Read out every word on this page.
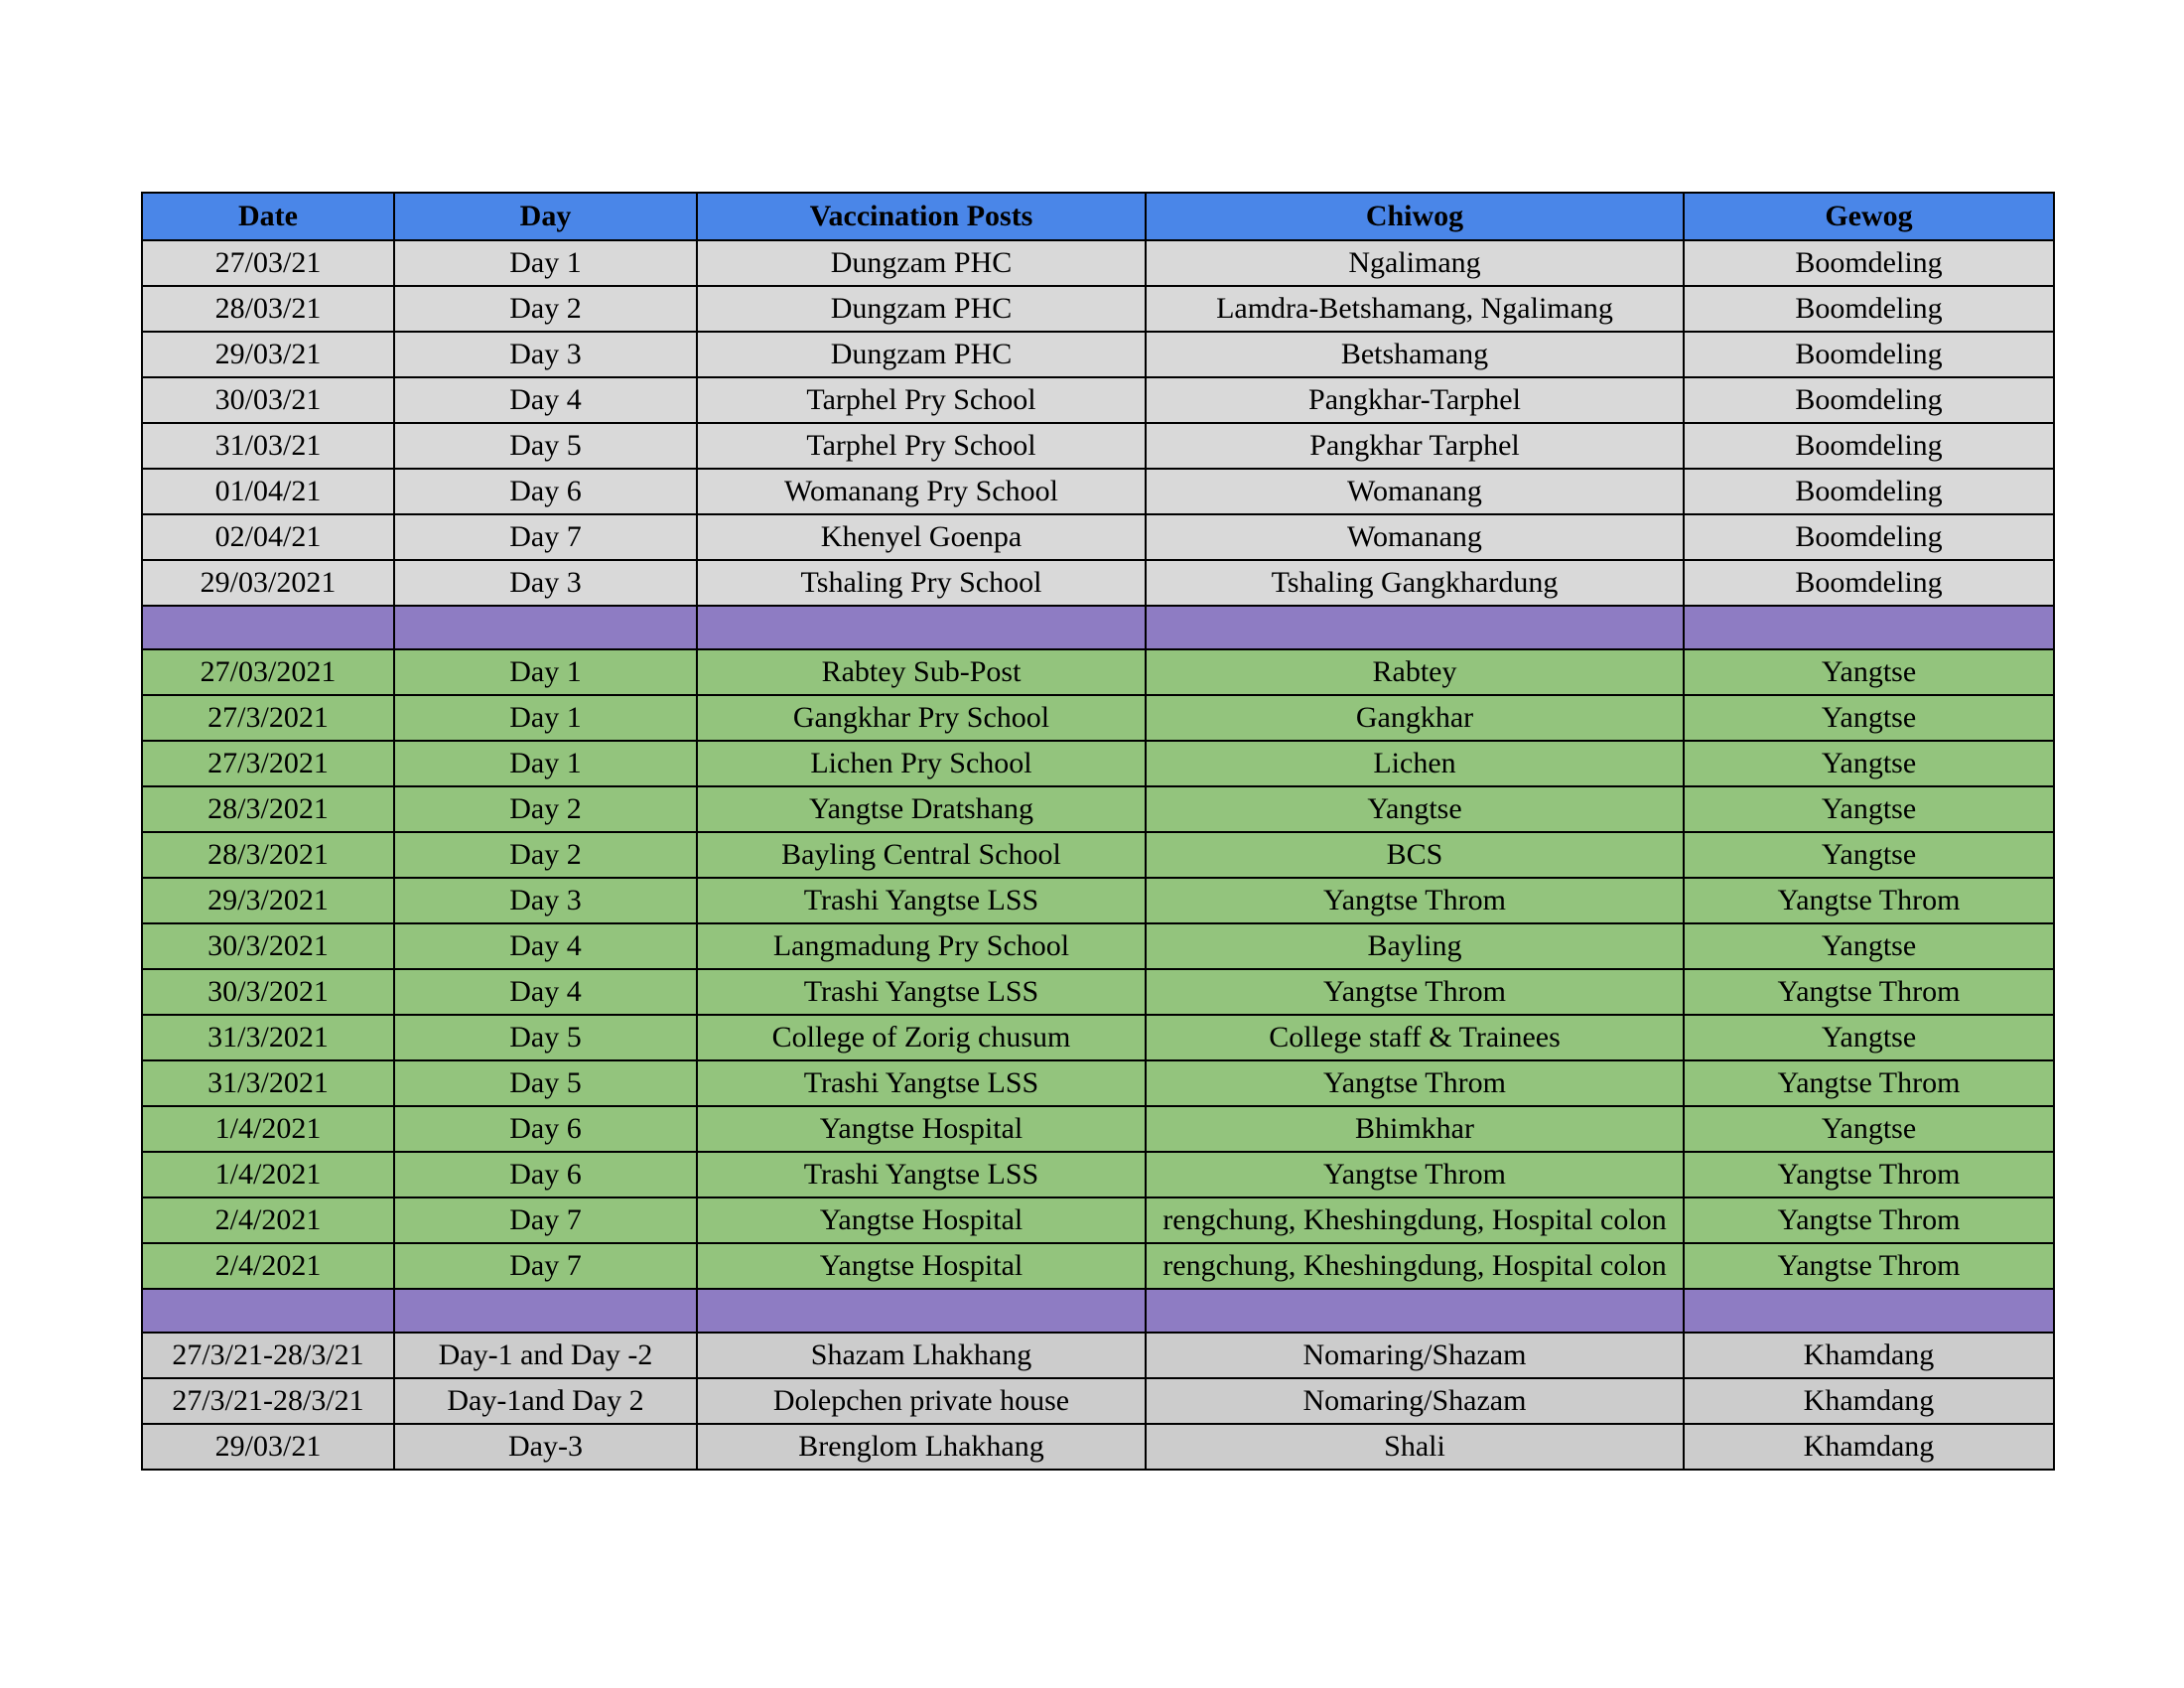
Date	Day	Vaccination Posts	Chiwog	Gewog

27/03/21	Day 1	Dungzam PHC	Ngalimang	Boomdeling

28/03/21	Day 2	Dungzam PHC	Lamdra-Betshamang, Ngalimang	Boomdeling

29/03/21	Day 3	Dungzam PHC	Betshamang	Boomdeling

30/03/21	Day 4	Tarphel Pry School	Pangkhar-Tarphel	Boomdeling

31/03/21	Day 5	Tarphel Pry School	Pangkhar Tarphel	Boomdeling

01/04/21	Day 6	Womanang Pry School	Womanang	Boomdeling

02/04/21	Day 7	Khenyel Goenpa	Womanang	Boomdeling

29/03/2021	Day 3	Tshaling Pry School	Tshaling Gangkhardung	Boomdeling

27/03/2021	Day 1	Rabtey Sub-Post	Rabtey	Yangtse

27/3/2021	Day 1	Gangkhar Pry School	Gangkhar	Yangtse

27/3/2021	Day 1	Lichen Pry School	Lichen	Yangtse

28/3/2021	Day 2	Yangtse Dratshang	Yangtse	Yangtse

28/3/2021	Day 2	Bayling Central School	BCS	Yangtse

29/3/2021	Day 3	Trashi Yangtse LSS	Yangtse Throm	Yangtse Throm

30/3/2021	Day 4	Langmadung Pry School	Bayling	Yangtse

30/3/2021	Day 4	Trashi Yangtse LSS	Yangtse Throm	Yangtse Throm

31/3/2021	Day 5	College of Zorig chusum	College staff & Trainees	Yangtse

31/3/2021	Day 5	Trashi Yangtse LSS	Yangtse Throm	Yangtse Throm

1/4/2021	Day 6	Yangtse Hospital	Bhimkhar	Yangtse

1/4/2021	Day 6	Trashi Yangtse LSS	Yangtse Throm	Yangtse Throm

2/4/2021	Day 7	Yangtse Hospital	rengchung, Kheshingdung, Hospital colon	Yangtse Throm

2/4/2021	Day 7	Yangtse Hospital	rengchung, Kheshingdung, Hospital colon	Yangtse Throm

27/3/21-28/3/21	Day-1 and Day -2	Shazam Lhakhang	Nomaring/Shazam	Khamdang

27/3/21-28/3/21	Day-1and Day 2	Dolepchen private house	Nomaring/Shazam	Khamdang

29/03/21	Day-3	Brenglom Lhakhang	Shali	Khamdang
